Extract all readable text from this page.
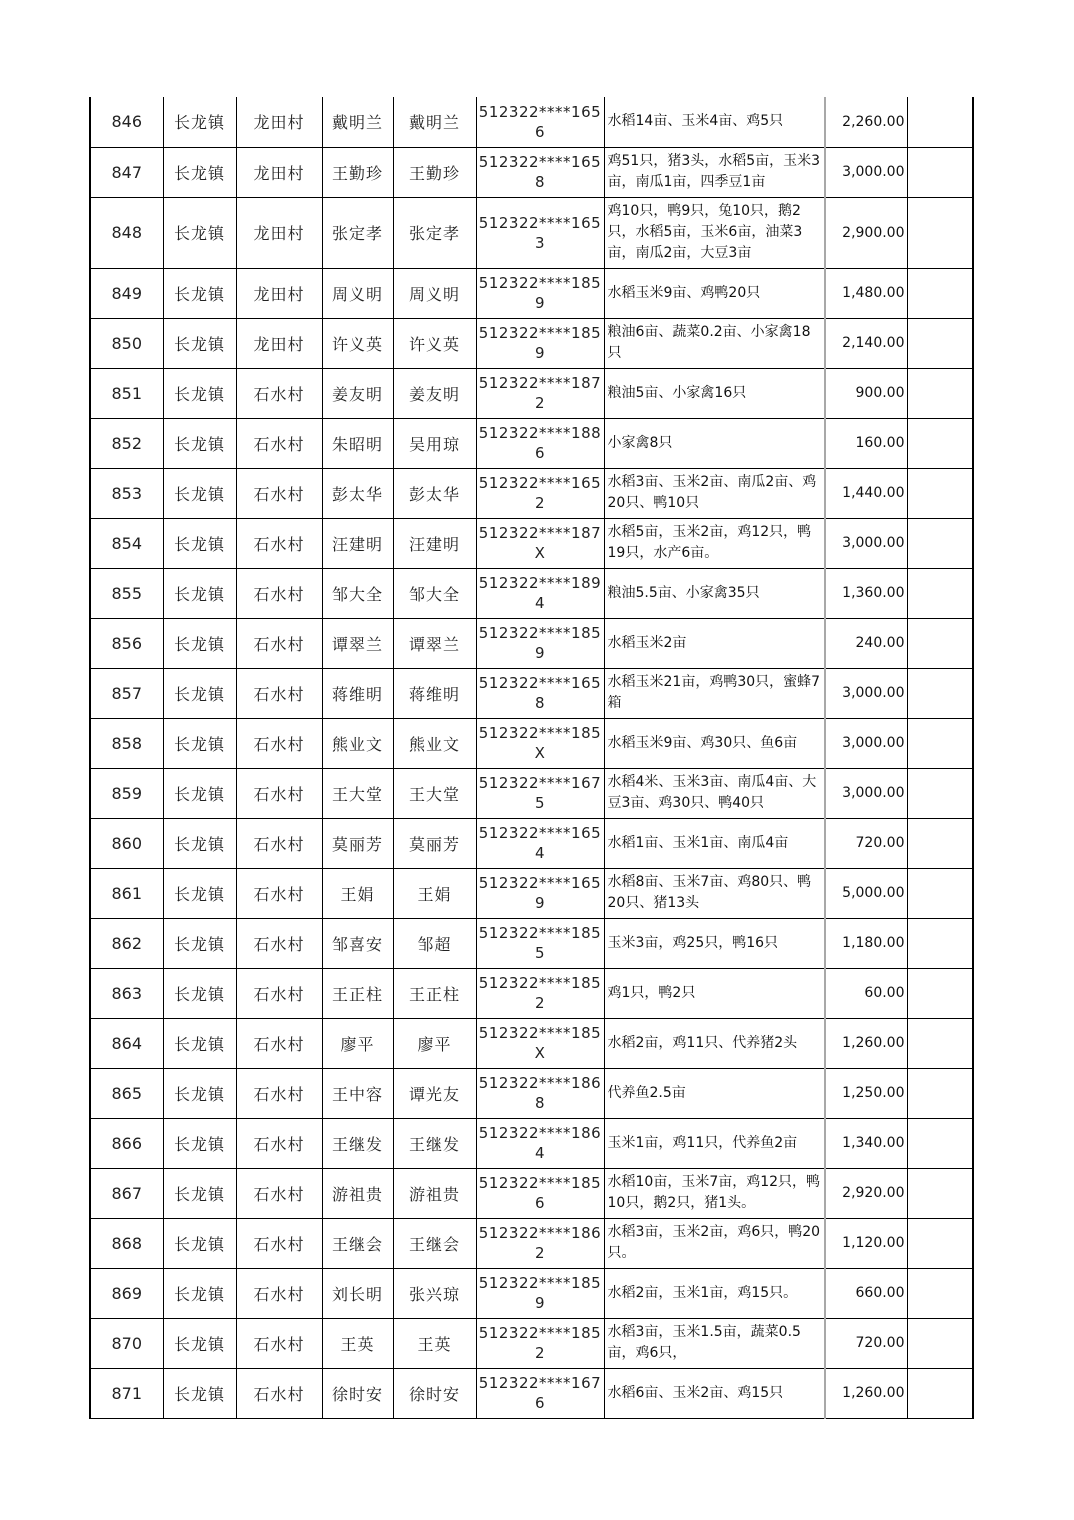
846	长龙镇	龙田村	戴明兰	戴明兰	512322****1656	水稻14亩、玉米4亩、鸡5只	2,260.00	
847	长龙镇	龙田村	王勤珍	王勤珍	512322****1658	鸡51只，猪3头，水稻5亩，玉米3亩，南瓜1亩，四季豆1亩	3,000.00	
848	长龙镇	龙田村	张定孝	张定孝	512322****1653	鸡10只，鸭9只，兔10只，鹅2只，水稻5亩，玉米6亩，油菜3亩，南瓜2亩，大豆3亩	2,900.00	
849	长龙镇	龙田村	周义明	周义明	512322****1859	水稻玉米9亩、鸡鸭20只	1,480.00	
850	长龙镇	龙田村	许义英	许义英	512322****1859	粮油6亩、蔬菜0.2亩、小家禽18只	2,140.00	
851	长龙镇	石水村	姜友明	姜友明	512322****1872	粮油5亩、小家禽16只	900.00	
852	长龙镇	石水村	朱昭明	吴用琼	512322****1886	小家禽8只	160.00	
853	长龙镇	石水村	彭太华	彭太华	512322****1652	水稻3亩、玉米2亩、南瓜2亩、鸡20只、鸭10只	1,440.00	
854	长龙镇	石水村	汪建明	汪建明	512322****187X	水稻5亩，玉米2亩，鸡12只，鸭19只，水产6亩。	3,000.00	
855	长龙镇	石水村	邹大全	邹大全	512322****1894	粮油5.5亩、小家禽35只	1,360.00	
856	长龙镇	石水村	谭翠兰	谭翠兰	512322****1859	水稻玉米2亩	240.00	
857	长龙镇	石水村	蒋维明	蒋维明	512322****1658	水稻玉米21亩，鸡鸭30只，蜜蜂7箱	3,000.00	
858	长龙镇	石水村	熊业文	熊业文	512322****185X	水稻玉米9亩、鸡30只、鱼6亩	3,000.00	
859	长龙镇	石水村	王大堂	王大堂	512322****1675	水稻4米、玉米3亩、南瓜4亩、大豆3亩、鸡30只、鸭40只	3,000.00	
860	长龙镇	石水村	莫丽芳	莫丽芳	512322****1654	水稻1亩、玉米1亩、南瓜4亩	720.00	
861	长龙镇	石水村	王娟	王娟	512322****1659	水稻8亩、玉米7亩、鸡80只、鸭20只、猪13头	5,000.00	
862	长龙镇	石水村	邹喜安	邹超	512322****1855	玉米3亩，鸡25只，鸭16只	1,180.00	
863	长龙镇	石水村	王正柱	王正柱	512322****1852	鸡1只，鸭2只	60.00	
864	长龙镇	石水村	廖平	廖平	512322****185X	水稻2亩，鸡11只、代养猪2头	1,260.00	
865	长龙镇	石水村	王中容	谭光友	512322****1868	代养鱼2.5亩	1,250.00	
866	长龙镇	石水村	王继发	王继发	512322****1864	玉米1亩，鸡11只，代养鱼2亩	1,340.00	
867	长龙镇	石水村	游祖贵	游祖贵	512322****1856	水稻10亩，玉米7亩，鸡12只，鸭10只，鹅2只，猪1头。	2,920.00	
868	长龙镇	石水村	王继会	王继会	512322****1862	水稻3亩，玉米2亩，鸡6只，鸭20只。	1,120.00	
869	长龙镇	石水村	刘长明	张兴琼	512322****1859	水稻2亩，玉米1亩，鸡15只。	660.00	
870	长龙镇	石水村	王英	王英	512322****1852	水稻3亩，玉米1.5亩，蔬菜0.5亩，鸡6只，	720.00	
871	长龙镇	石水村	徐时安	徐时安	512322****1676	水稻6亩、玉米2亩、鸡15只	1,260.00	
